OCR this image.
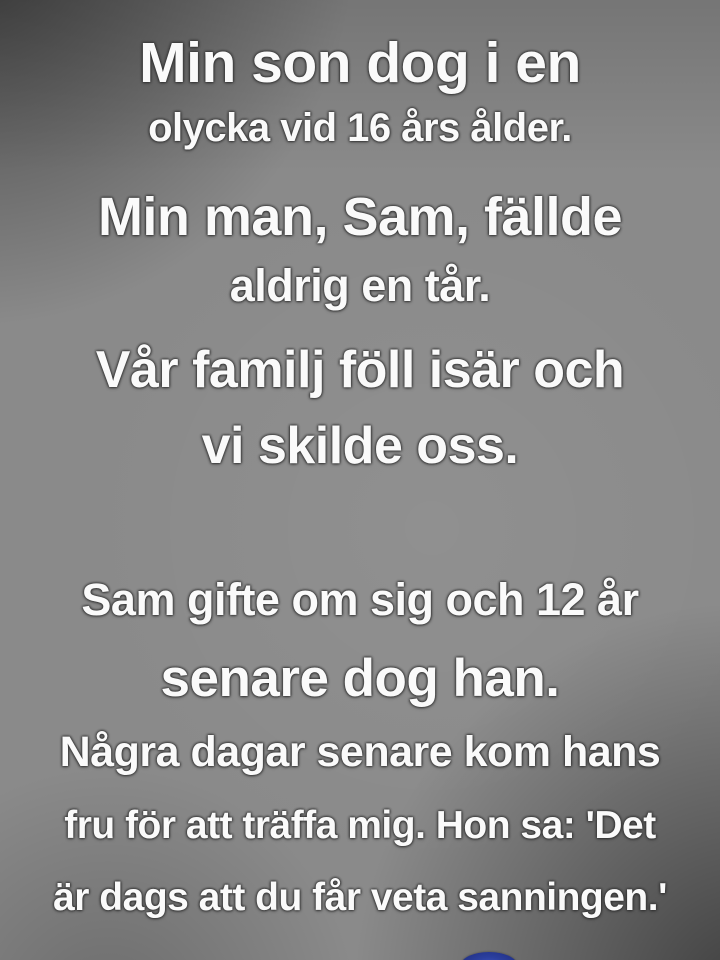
Min son dog i en
olycka vid 16 års ålder.
Min man, Sam, fällde
aldrig en tår.
Vår familj föll isär och
vi skilde oss.
Sam gifte om sig och 12 år
senare dog han.
Några dagar senare kom hans
fru för att träffa mig. Hon sa: 'Det
är dags att du får veta sanningen.'
